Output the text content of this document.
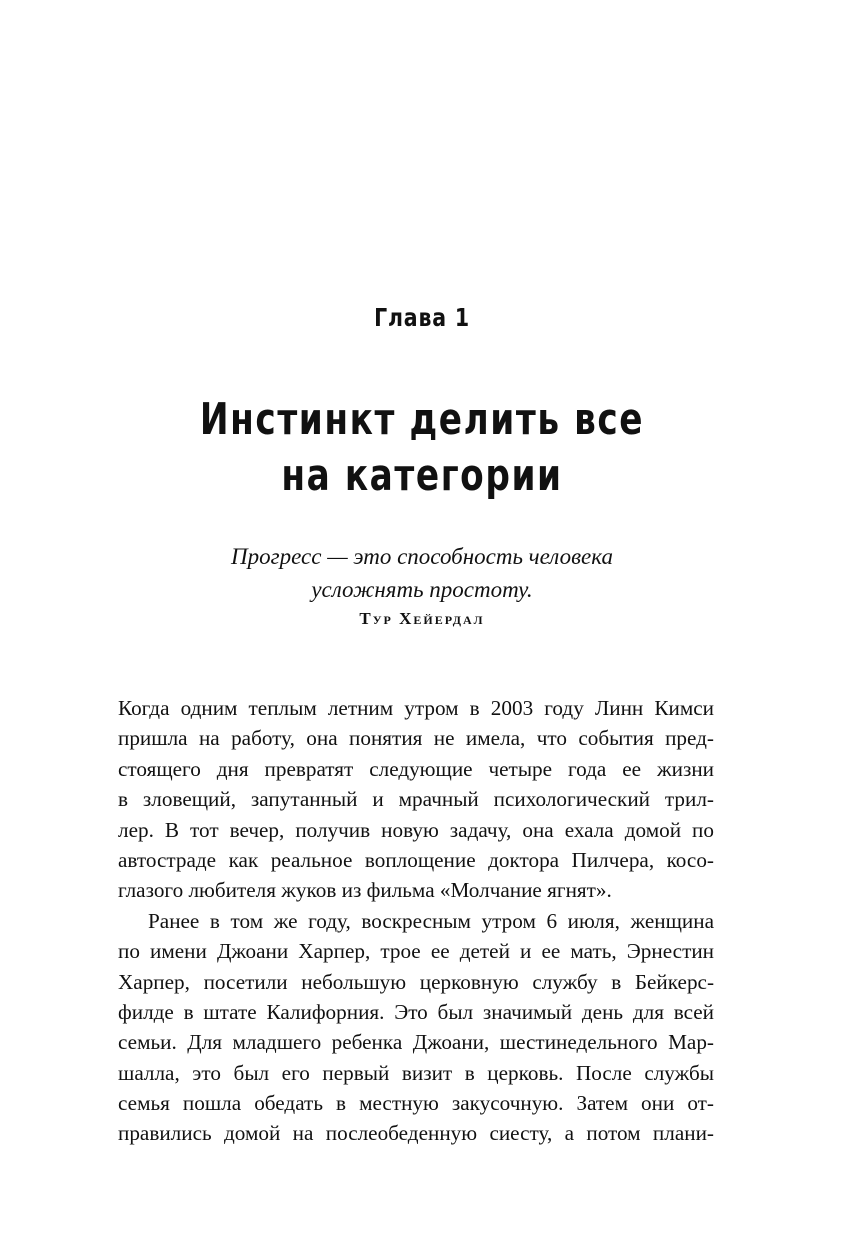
Глава 1
Инстинкт делить все
на категории
Прогресс — это способность человека
усложнять простоту.
Тур Хейердал
Когда одним теплым летним утром в 2003 году Линн Кимси
пришла на работу, она понятия не имела, что события пред-
стоящего дня превратят следующие четыре года ее жизни
в зловещий, запутанный и мрачный психологический трил-
лер. В тот вечер, получив новую задачу, она ехала домой по
автостраде как реальное воплощение доктора Пилчера, косо-
глазого любителя жуков из фильма «Молчание ягнят».
Ранее в том же году, воскресным утром 6 июля, женщина
по имени Джоани Харпер, трое ее детей и ее мать, Эрнестин
Харпер, посетили небольшую церковную службу в Бейкерс-
филде в штате Калифорния. Это был значимый день для всей
семьи. Для младшего ребенка Джоани, шестинедельного Мар-
шалла, это был его первый визит в церковь. После службы
семья пошла обедать в местную закусочную. Затем они от-
правились домой на послеобеденную сиесту, а потом плани-
